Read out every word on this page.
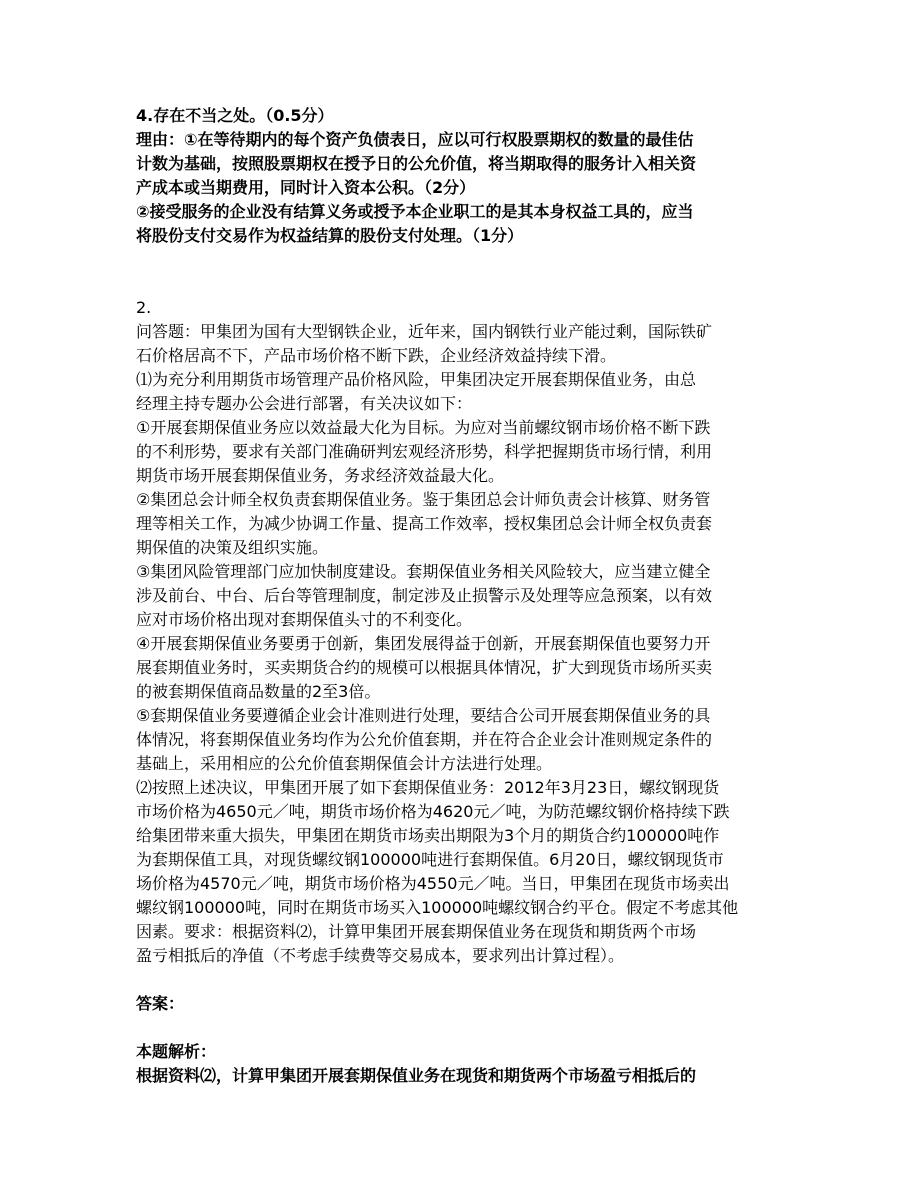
4.存在不当之处。（0.5分）
理由：①在等待期内的每个资产负债表日，应以可行权股票期权的数量的最佳估
计数为基础，按照股票期权在授予日的公允价值，将当期取得的服务计入相关资
产成本或当期费用，同时计入资本公积。（2分）
②接受服务的企业没有结算义务或授予本企业职工的是其本身权益工具的，应当
将股份支付交易作为权益结算的股份支付处理。（1分）
2.
问答题：甲集团为国有大型钢铁企业，近年来，国内钢铁行业产能过剩，国际铁矿
石价格居高不下，产品市场价格不断下跌，企业经济效益持续下滑。
⑴为充分利用期货市场管理产品价格风险，甲集团决定开展套期保值业务，由总
经理主持专题办公会进行部署，有关决议如下：
①开展套期保值业务应以效益最大化为目标。为应对当前螺纹钢市场价格不断下跌
的不利形势，要求有关部门准确研判宏观经济形势，科学把握期货市场行情，利用
期货市场开展套期保值业务，务求经济效益最大化。
②集团总会计师全权负责套期保值业务。鉴于集团总会计师负责会计核算、财务管
理等相关工作，为减少协调工作量、提高工作效率，授权集团总会计师全权负责套
期保值的决策及组织实施。
③集团风险管理部门应加快制度建设。套期保值业务相关风险较大，应当建立健全
涉及前台、中台、后台等管理制度，制定涉及止损警示及处理等应急预案，以有效
应对市场价格出现对套期保值头寸的不利变化。
④开展套期保值业务要勇于创新，集团发展得益于创新，开展套期保值也要努力开
展套期值业务时，买卖期货合约的规模可以根据具体情况，扩大到现货市场所买卖
的被套期保值商品数量的2至3倍。
⑤套期保值业务要遵循企业会计准则进行处理，要结合公司开展套期保值业务的具
体情况，将套期保值业务均作为公允价值套期，并在符合企业会计准则规定条件的
基础上，采用相应的公允价值套期保值会计方法进行处理。
⑵按照上述决议，甲集团开展了如下套期保值业务：2012年3月23日，螺纹钢现货
市场价格为4650元／吨，期货市场价格为4620元／吨，为防范螺纹钢价格持续下跌
给集团带来重大损失，甲集团在期货市场卖出期限为3个月的期货合约100000吨作
为套期保值工具，对现货螺纹钢100000吨进行套期保值。6月20日，螺纹钢现货市
场价格为4570元／吨，期货市场价格为4550元／吨。当日，甲集团在现货市场卖出
螺纹钢100000吨，同时在期货市场买入100000吨螺纹钢合约平仓。假定不考虑其他
因素。要求：根据资料⑵，计算甲集团开展套期保值业务在现货和期货两个市场
盈亏相抵后的净值（不考虑手续费等交易成本，要求列出计算过程）。
答案：
本题解析：
根据资料⑵，计算甲集团开展套期保值业务在现货和期货两个市场盈亏相抵后的
